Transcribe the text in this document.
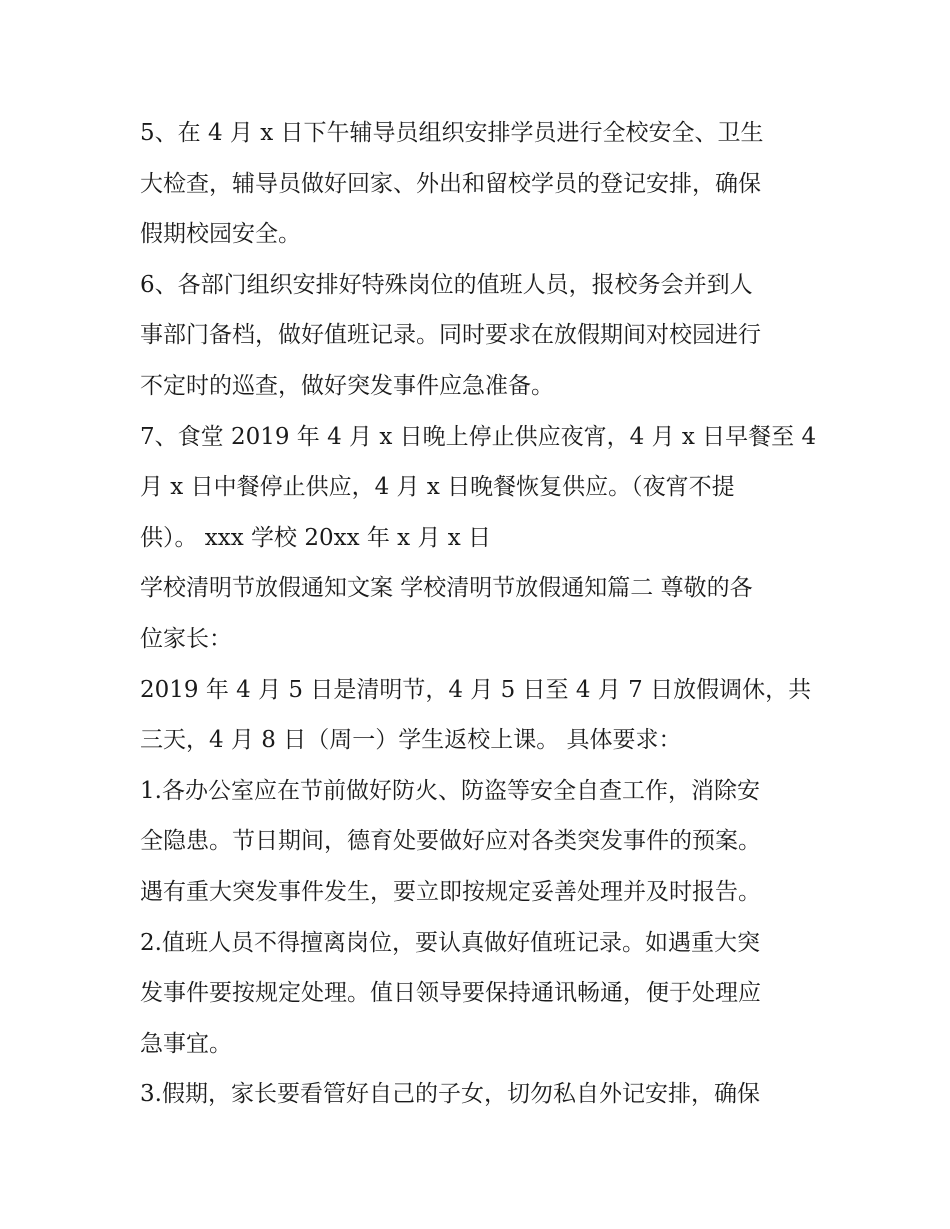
5、在 4 月 x 日下午辅导员组织安排学员进行全校安全、卫生
大检查，辅导员做好回家、外出和留校学员的登记安排，确保
假期校园安全。
6、各部门组织安排好特殊岗位的值班人员，报校务会并到人
事部门备档，做好值班记录。同时要求在放假期间对校园进行
不定时的巡查，做好突发事件应急准备。
7、食堂 2019 年 4 月 x 日晚上停止供应夜宵，4 月 x 日早餐至 4
月 x 日中餐停止供应，4 月 x 日晚餐恢复供应。（夜宵不提
供）。 xxx 学校 20xx 年 x 月 x 日
学校清明节放假通知文案 学校清明节放假通知篇二 尊敬的各
位家长：
2019 年 4 月 5 日是清明节，4 月 5 日至 4 月 7 日放假调休，共
三天，4 月 8 日（周一）学生返校上课。 具体要求：
1.各办公室应在节前做好防火、防盗等安全自查工作，消除安
全隐患。节日期间，德育处要做好应对各类突发事件的预案。
遇有重大突发事件发生，要立即按规定妥善处理并及时报告。
2.值班人员不得擅离岗位，要认真做好值班记录。如遇重大突
发事件要按规定处理。值日领导要保持通讯畅通，便于处理应
急事宜。
3.假期，家长要看管好自己的子女，切勿私自外记安排，确保
